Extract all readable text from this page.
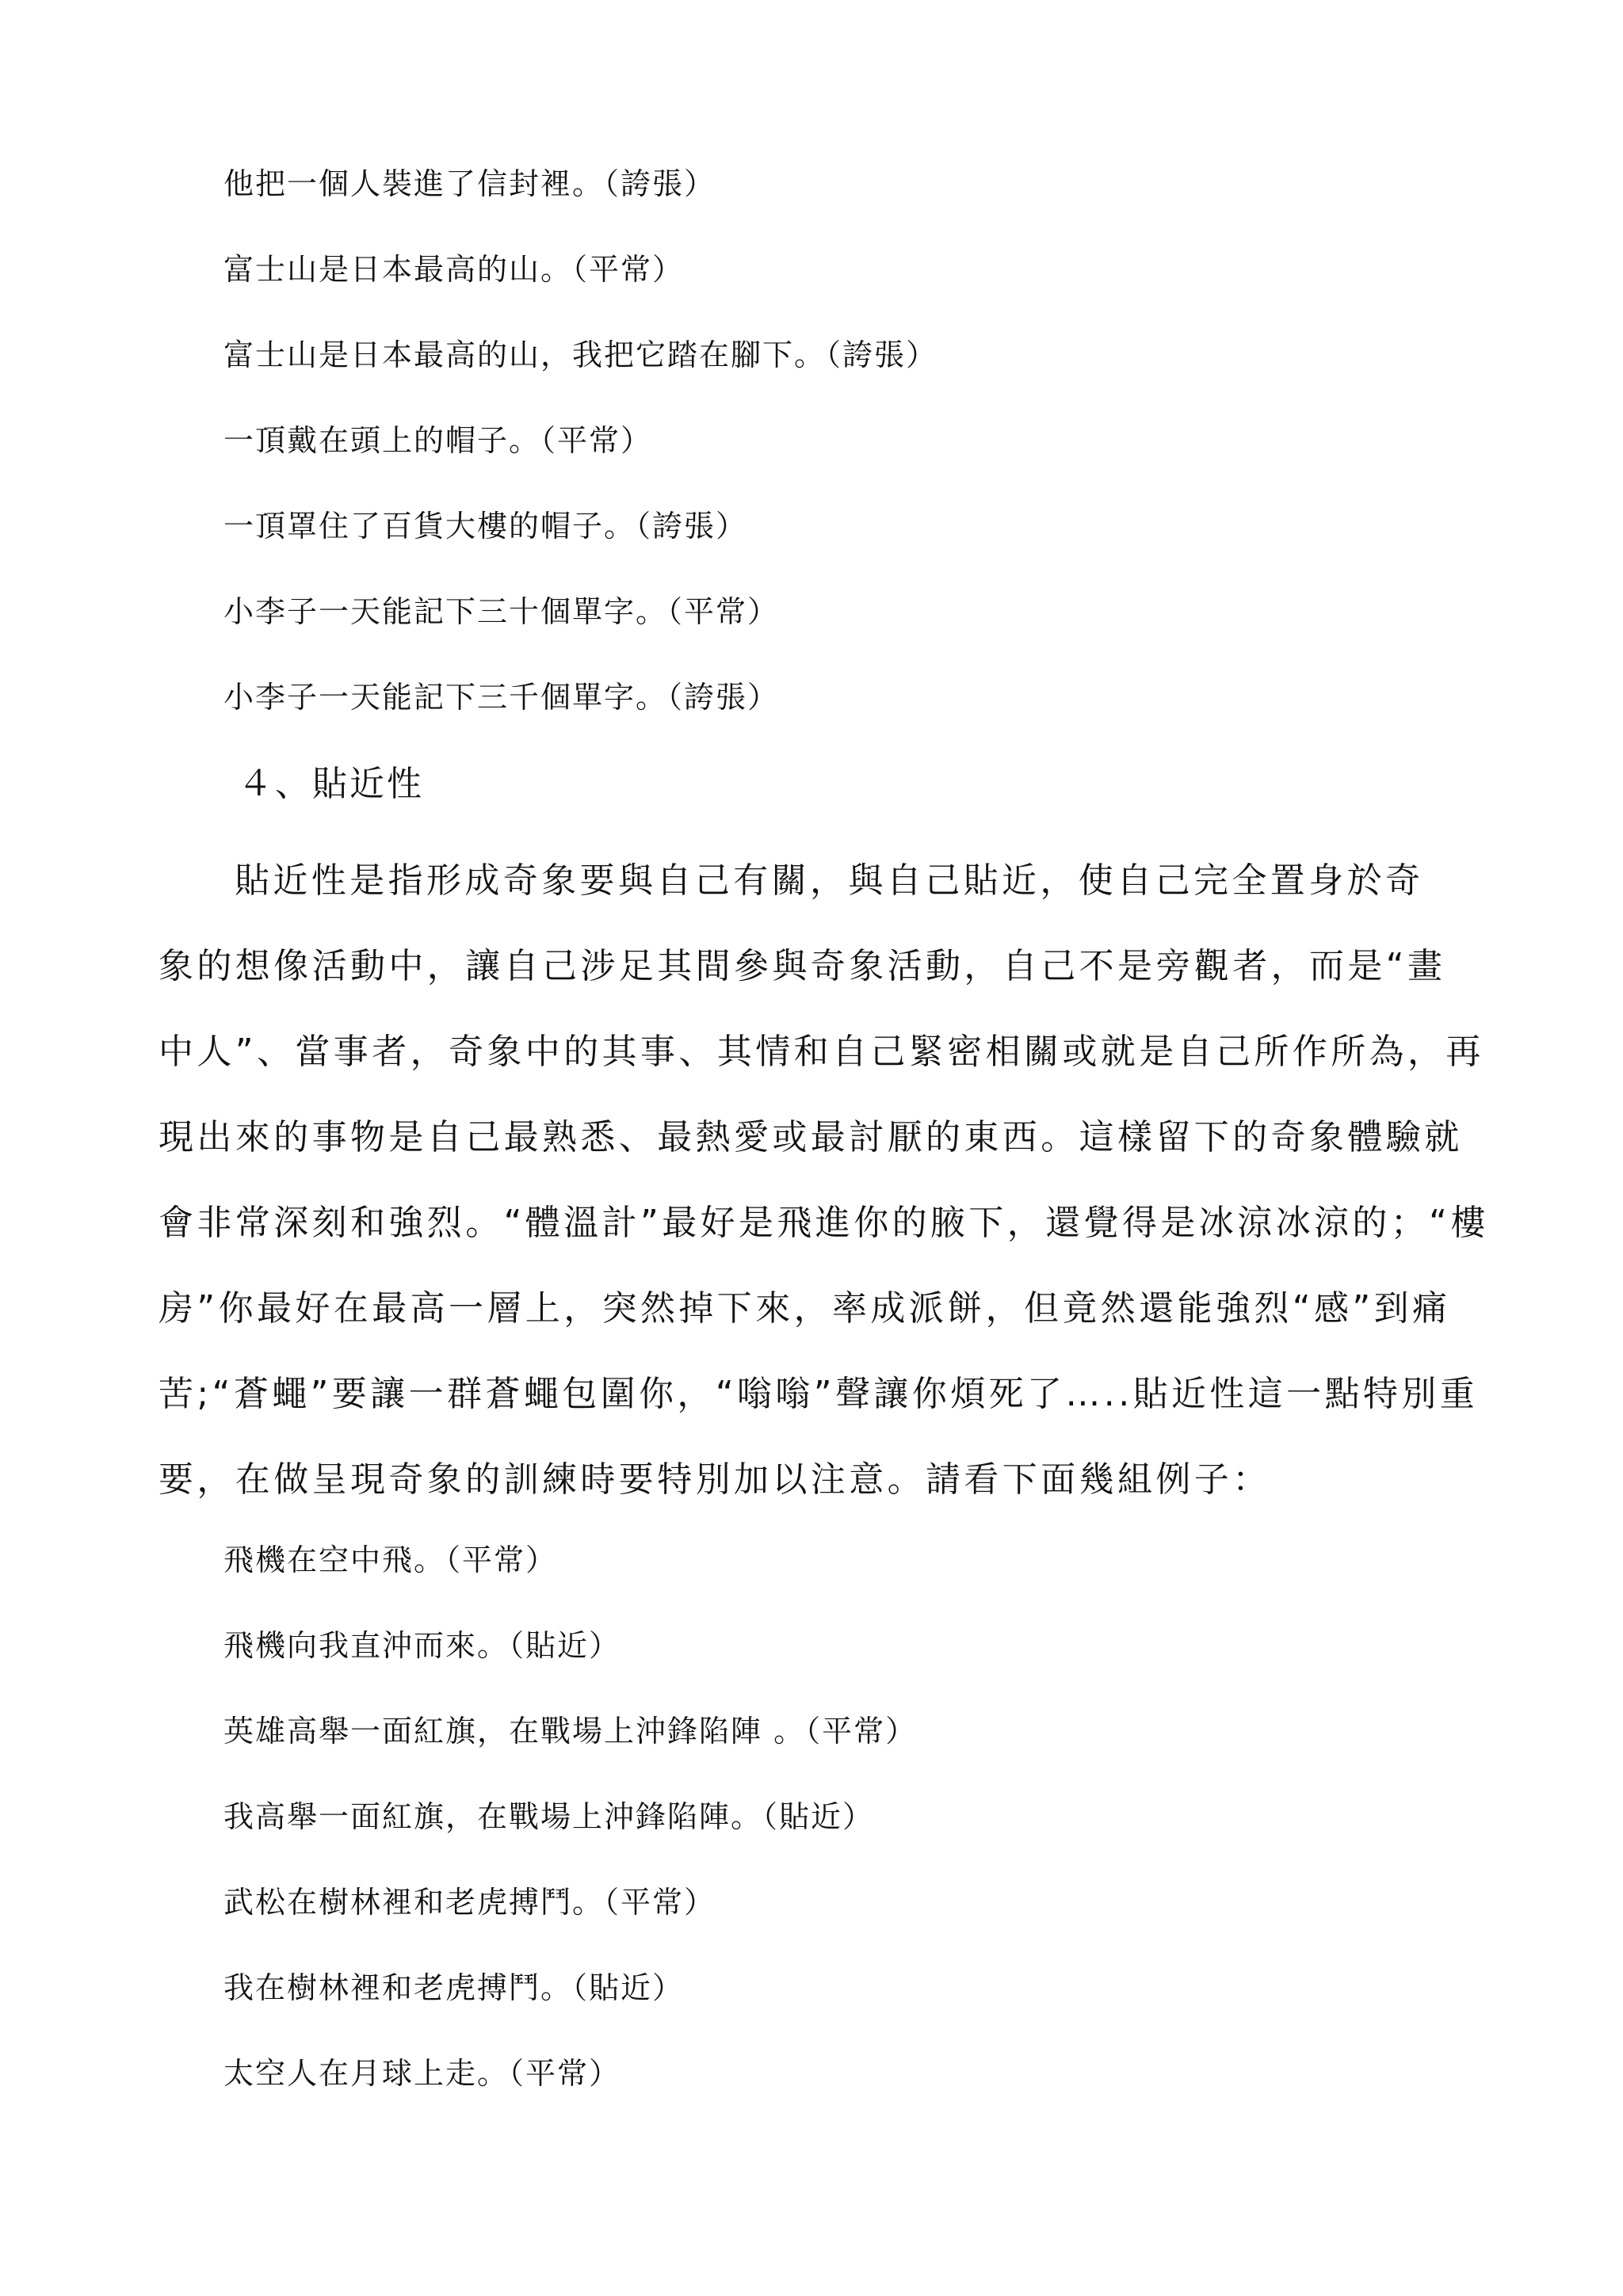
他把一個人裝進了信封裡。（誇張）
富士山是日本最高的山。（平常）
富士山是日本最高的山，我把它踏在腳下。（誇張）
一頂戴在頭上的帽子。（平常）
一頂罩住了百貨大樓的帽子。（誇張）
小李子一天能記下三十個單字。（平常）
小李子一天能記下三千個單字。（誇張）
４、貼近性
貼近性是指形成奇象要與自己有關，與自己貼近，使自己完全置身於奇
象的想像活動中，讓自己涉足其間參與奇象活動，自己不是旁觀者，而是“畫
中人”、當事者，奇象中的其事、其情和自己緊密相關或就是自己所作所為，再
現出來的事物是自己最熟悉、最熱愛或最討厭的東西。這樣留下的奇象體驗就
會非常深刻和強烈。“體溫計”最好是飛進你的腋下，還覺得是冰涼冰涼的；“樓
房”你最好在最高一層上，突然掉下來，率成派餅，但竟然還能強烈“感”到痛
苦;“蒼蠅”要讓一群蒼蠅包圍你，“嗡嗡”聲讓你煩死了…..貼近性這一點特別重
要，在做呈現奇象的訓練時要特別加以注意。請看下面幾組例子：
飛機在空中飛。（平常）
飛機向我直沖而來。（貼近）
英雄高舉一面紅旗，在戰場上沖鋒陷陣 。（平常）
我高舉一面紅旗，在戰場上沖鋒陷陣。（貼近）
武松在樹林裡和老虎搏鬥。（平常）
我在樹林裡和老虎搏鬥。（貼近）
太空人在月球上走。（平常）
